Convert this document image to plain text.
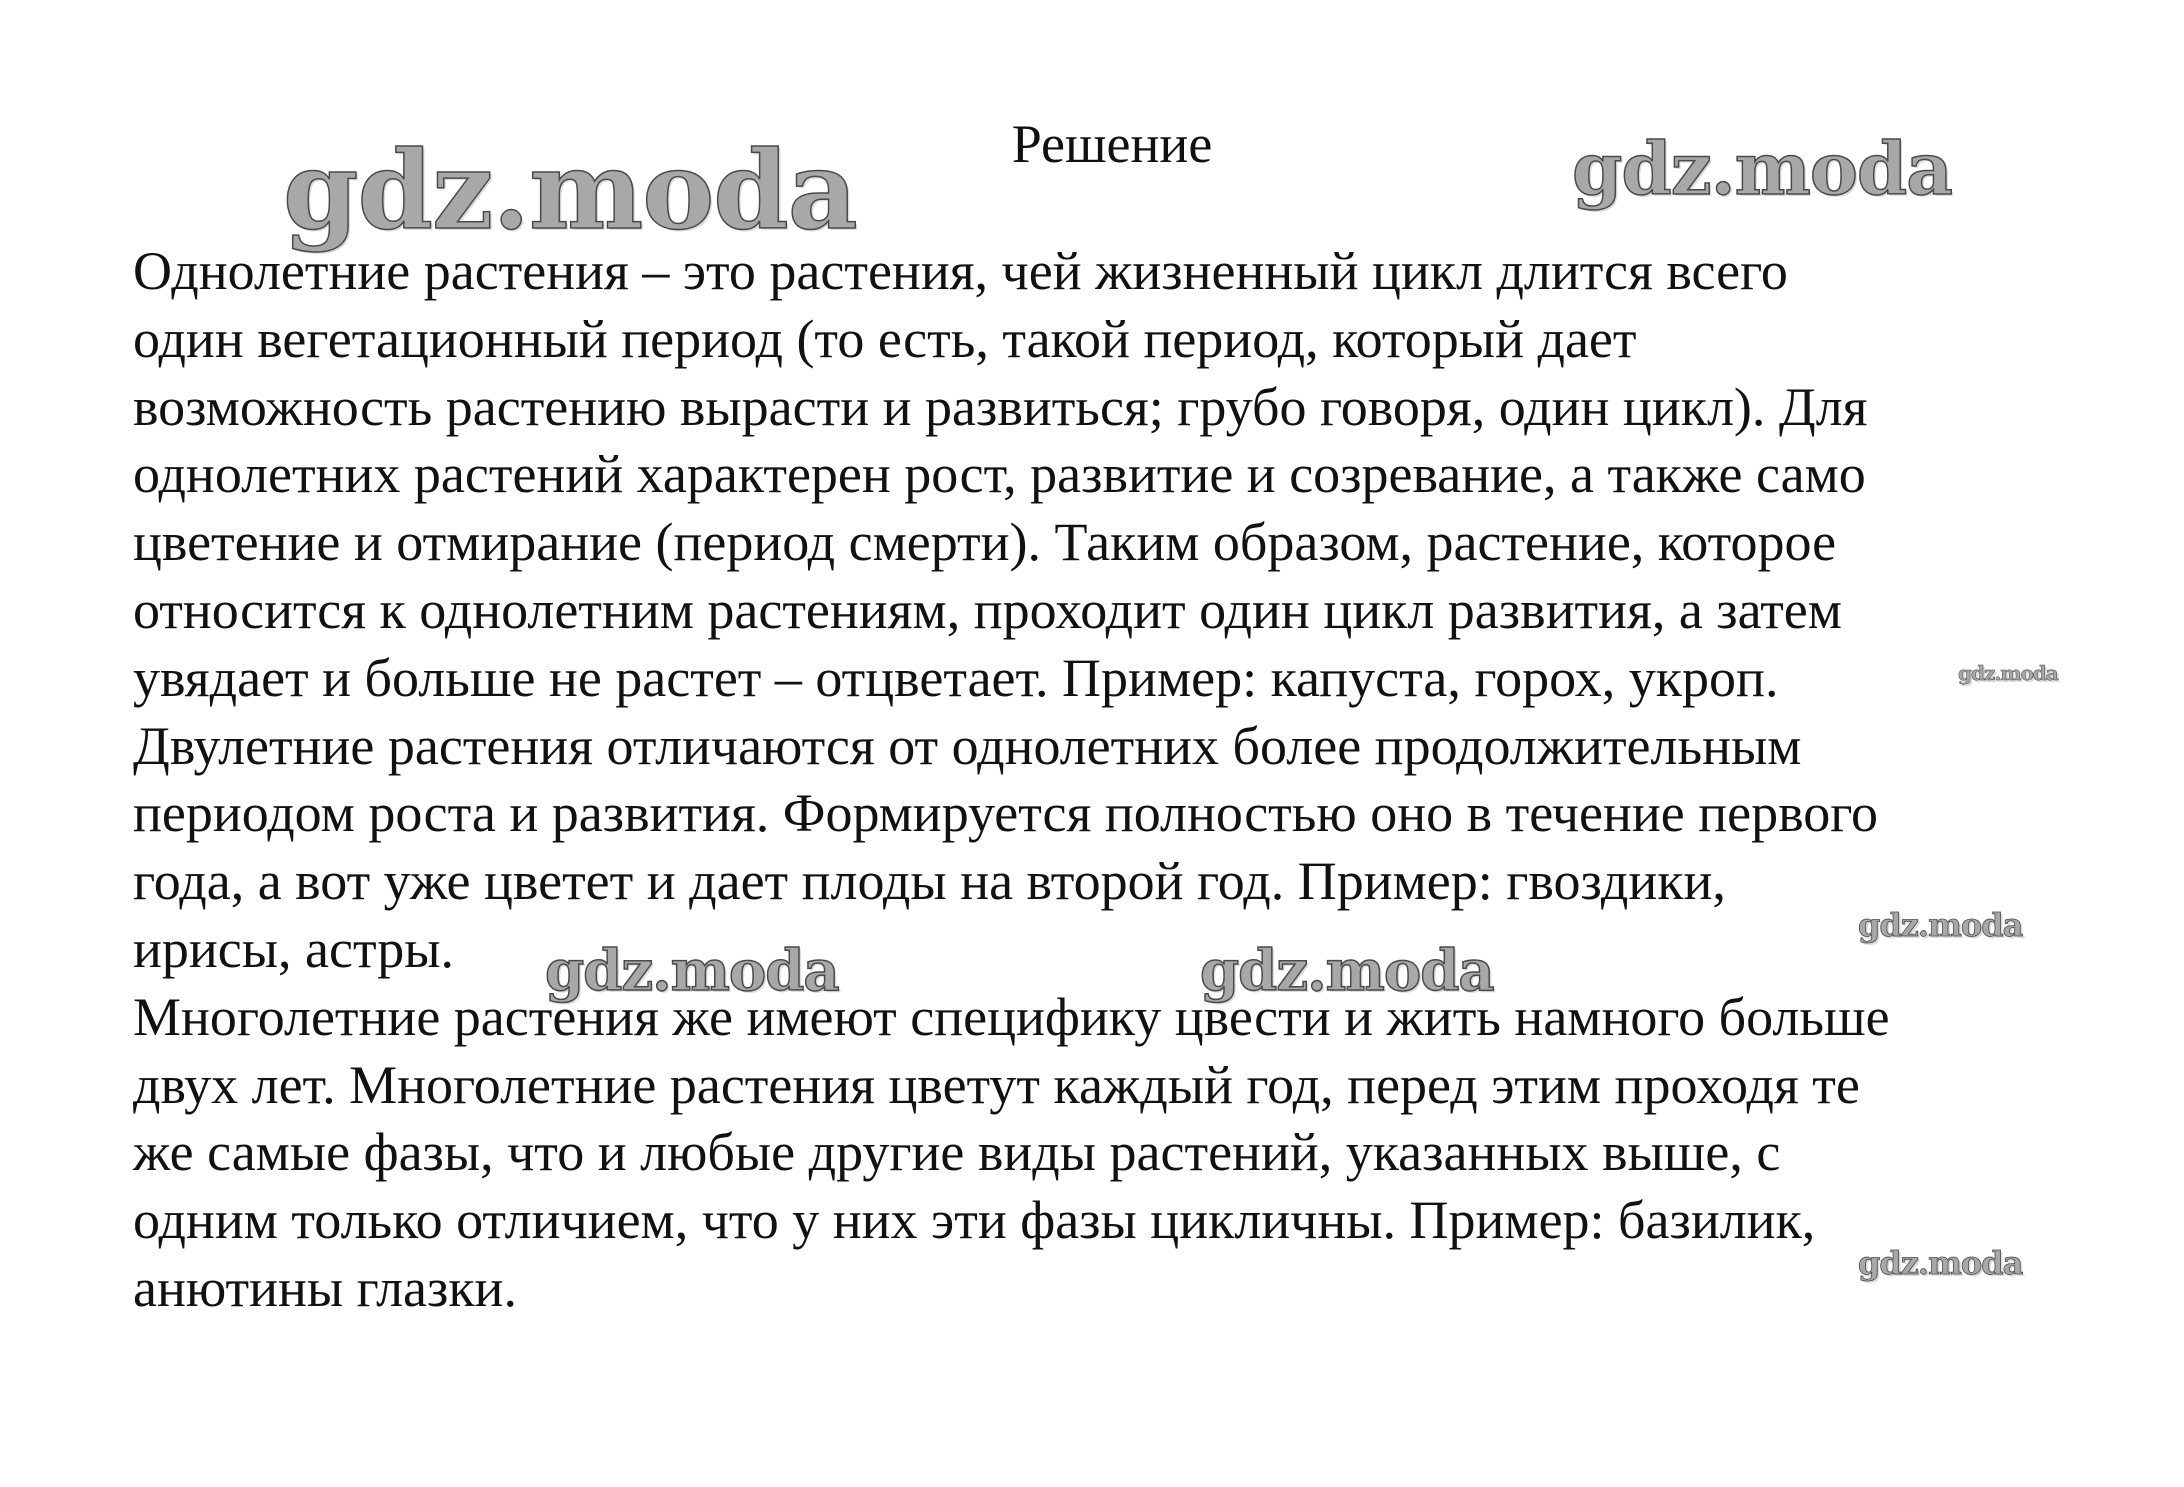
Решение
Однолетние растения – это растения, чей жизненный цикл длится всего
один вегетационный период (то есть, такой период, который дает
возможность растению вырасти и развиться; грубо говоря, один цикл). Для
однолетних растений характерен рост, развитие и созревание, а также само
цветение и отмирание (период смерти). Таким образом, растение, которое
относится к однолетним растениям, проходит один цикл развития, а затем
увядает и больше не растет – отцветает. Пример: капуста, горох, укроп.
Двулетние растения отличаются от однолетних более продолжительным
периодом роста и развития. Формируется полностью оно в течение первого
года, а вот уже цветет и дает плоды на второй год. Пример: гвоздики,
ирисы, астры.
Многолетние растения же имеют специфику цвести и жить намного больше
двух лет. Многолетние растения цветут каждый год, перед этим проходя те
же самые фазы, что и любые другие виды растений, указанных выше, с
одним только отличием, что у них эти фазы цикличны. Пример: базилик,
анютины глазки.
gdz.moda	gdz.moda
gdz.moda
gdz.moda
gdz.moda	gdz.moda
gdz.moda
